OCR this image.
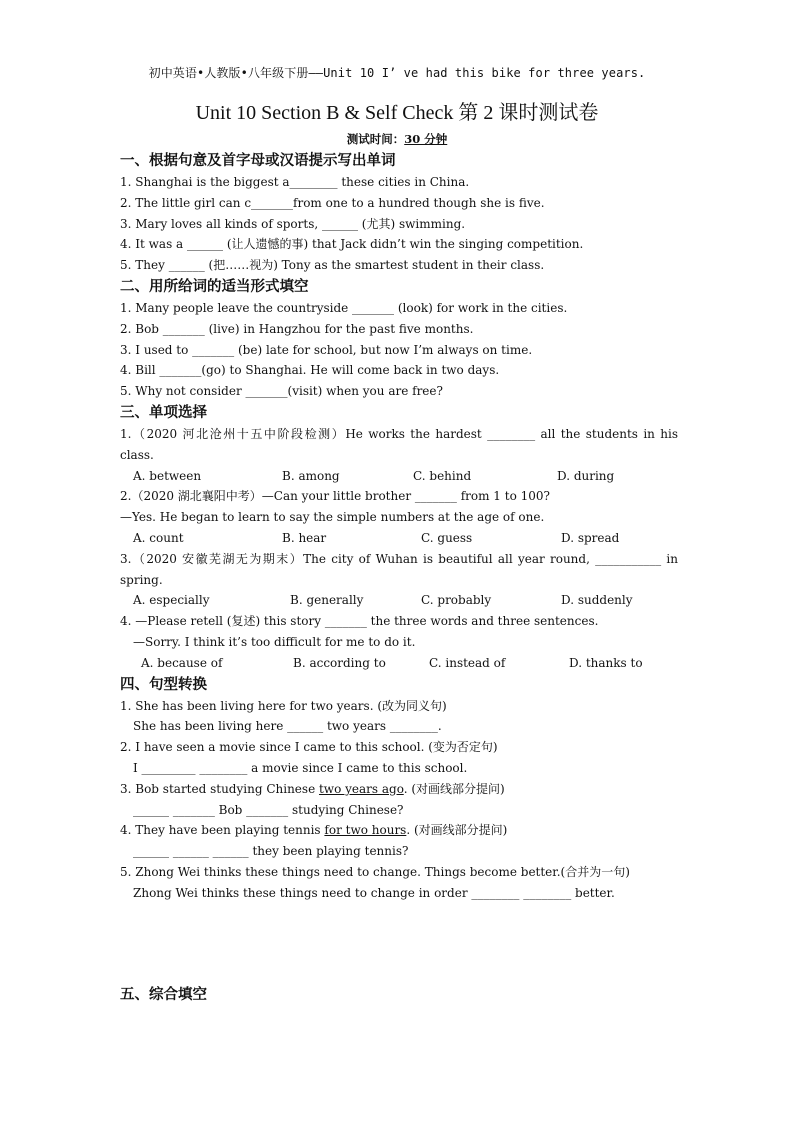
初中英语•人教版•八年级下册——Unit 10 I’ ve had this bike for three years.
Unit 10 Section B & Self Check 第 2 课时测试卷
测试时间：30 分钟
一、根据句意及首字母或汉语提示写出单词
1. Shanghai is the biggest a________ these cities in China.
2. The little girl can c_______from one to a hundred though she is five.
3. Mary loves all kinds of sports, ______ (尤其) swimming.
4. It was a ______ (让人遗憾的事) that Jack didn’t win the singing competition.
5. They ______ (把……视为) Tony as the smartest student in their class.
二、用所给词的适当形式填空
1. Many people leave the countryside _______ (look) for work in the cities.
2. Bob _______ (live) in Hangzhou for the past five months.
3. I used to _______ (be) late for school, but now I’m always on time.
4. Bill _______(go) to Shanghai. He will come back in two days.
5. Why not consider _______(visit) when you are free?
三、单项选择
1.（2020 河北沧州十五中阶段检测）He works the hardest ________ all the students in his
class.
A. between	B. among	C. behind	D. during
2.（2020 湖北襄阳中考）—Can your little brother _______ from 1 to 100?
—Yes. He began to learn to say the simple numbers at the age of one.
A. count	B. hear	C. guess	D. spread
3.（2020 安徽芜湖无为期末）The city of Wuhan is beautiful all year round, ___________ in
spring.
A. especially	B. generally	C. probably	D. suddenly
4. —Please retell (复述) this story _______ the three words and three sentences.
—Sorry. I think it’s too difficult for me to do it.
A. because of	B. according to	C. instead of	D. thanks to
四、句型转换
1. She has been living here for two years. (改为同义句)
She has been living here ______ two years ________.
2. I have seen a movie since I came to this school. (变为否定句)
I _________ ________ a movie since I came to this school.
3. Bob started studying Chinese two years ago. (对画线部分提问)
______ _______ Bob _______ studying Chinese?
4. They have been playing tennis for two hours. (对画线部分提问)
______ ______ ______ they been playing tennis?
5. Zhong Wei thinks these things need to change. Things become better.(合并为一句)
Zhong Wei thinks these things need to change in order ________ ________ better.
五、综合填空
